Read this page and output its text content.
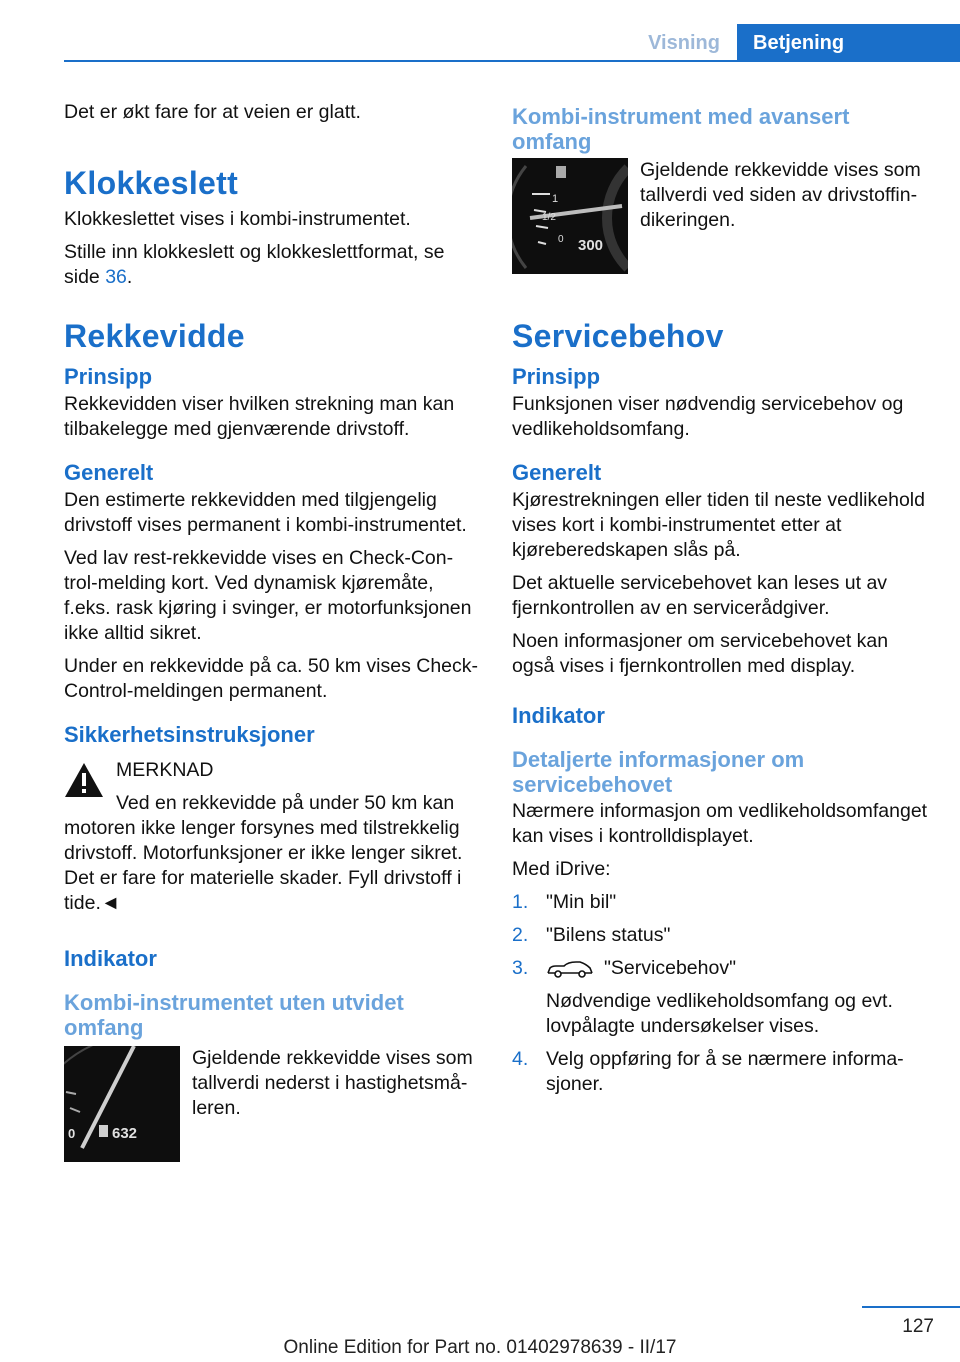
Visning	Betjening

Det er økt fare for at veien er glatt.

Klokkeslett

Klokkeslettet vises i kombi-instrumentet.

Stille inn klokkeslett og klokkeslettformat, se side 36.

Rekkevidde
Prinsipp

Rekkevidden viser hvilken strekning man kan tilbakelegge med gjenværende drivstoff.

Generelt

Den estimerte rekkevidden med tilgjengelig drivstoff vises permanent i kombi-instrumentet.

Ved lav rest-rekkevidde vises en Check-Control-melding kort. Ved dynamisk kjøremåte, f.eks. rask kjøring i svinger, er motorfunksjonen ikke alltid sikret.

Under en rekkevidde på ca. 50 km vises Check-Control-meldingen permanent.

Sikkerhetsinstruksjoner
MERKNAD
Ved en rekkevidde på under 50 km kan
motoren ikke lenger forsynes med tilstrekkelig drivstoff. Motorfunksjoner er ikke lenger sikret. Det er fare for materielle skader. Fyll drivstoff i tide.◄
Indikator
Kombi-instrumentet uten utvidet omfang
0 632
Gjeldende rekkevidde vises som tallverdi nederst i hastighetsmåleren.
Kombi-instrument med avansert omfang
1
1/2
0 300
Gjeldende rekkevidde vises som tallverdi ved siden av drivstoffindikeringen.
Servicebehov
Prinsipp

Funksjonen viser nødvendig servicebehov og vedlikeholdsomfang.

Generelt

Kjørestrekningen eller tiden til neste vedlikehold vises kort i kombi-instrumentet etter at kjøreberedskapen slås på.

Det aktuelle servicebehovet kan leses ut av fjernkontrollen av en servicerådgiver.

Noen informasjoner om servicebehovet kan også vises i fjernkontrollen med display.

Indikator
Detaljerte informasjoner om servicebehovet

Nærmere informasjon om vedlikeholdsomfanget kan vises i kontrolldisplayet.

Med iDrive:

1. "Min bil"
2. "Bilens status"
3.	"Servicebehov"
Nødvendige vedlikeholdsomfang og evt. lovpålagte undersøkelser vises.
4. Velg oppføring for å se nærmere informasjoner.
127
Online Edition for Part no. 01402978639 - II/17
